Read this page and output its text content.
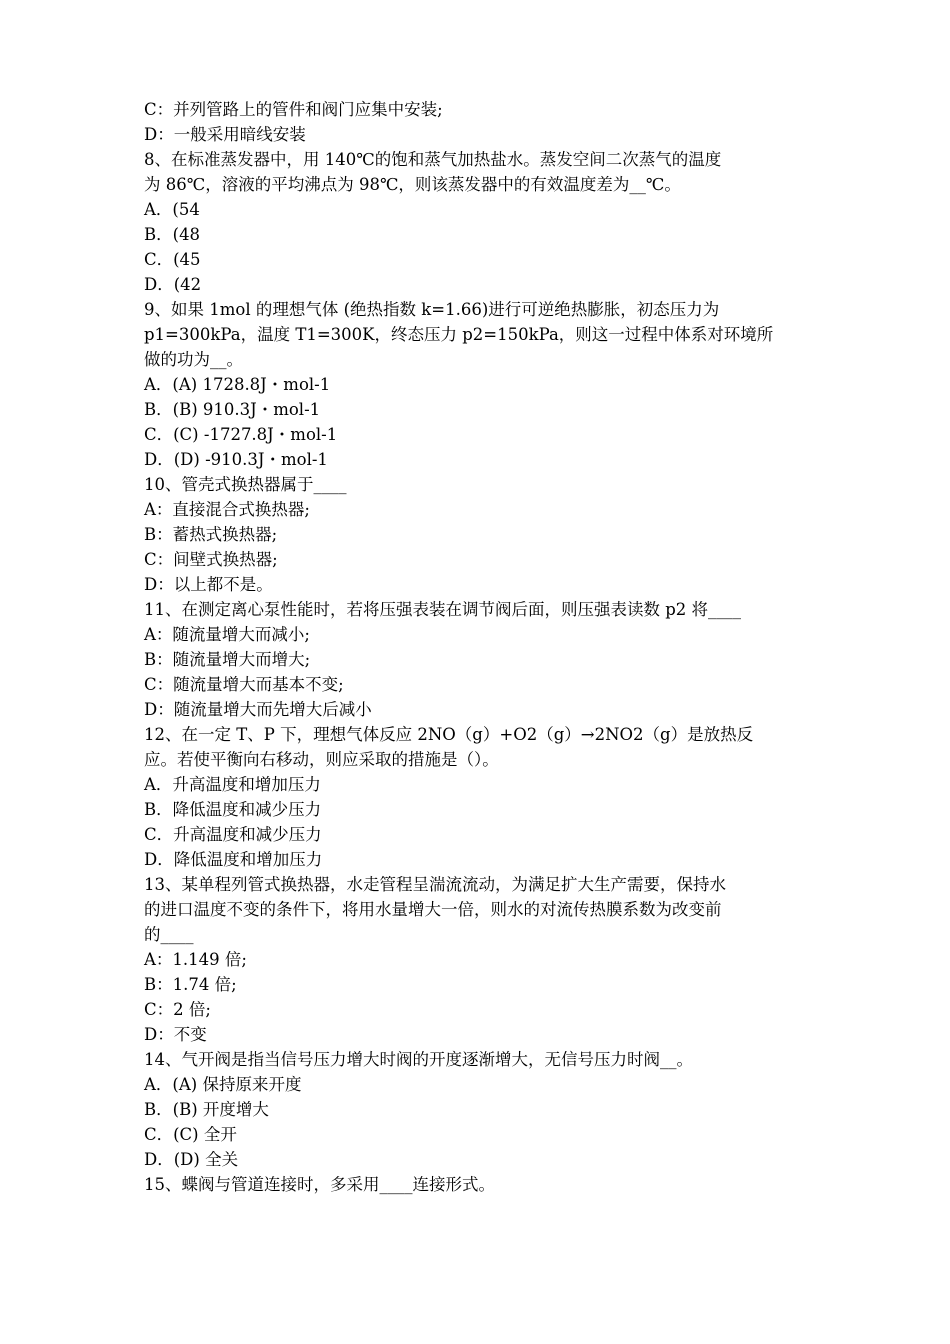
C：并列管路上的管件和阀门应集中安装;
D：一般采用暗线安装
8、在标准蒸发器中，用 140℃的饱和蒸气加热盐水。蒸发空间二次蒸气的温度
为 86℃，溶液的平均沸点为 98℃，则该蒸发器中的有效温度差为__℃。
A．(54
B．(48
C．(45
D．(42
9、如果 1mol 的理想气体 (绝热指数 k=1.66)进行可逆绝热膨胀，初态压力为
p1=300kPa，温度 T1=300K，终态压力 p2=150kPa，则这一过程中体系对环境所
做的功为__。
A．(A) 1728.8J・mol-1
B．(B) 910.3J・mol-1
C．(C) -1727.8J・mol-1
D．(D) -910.3J・mol-1
10、管壳式换热器属于____
A：直接混合式换热器;
B：蓄热式换热器;
C：间壁式换热器;
D：以上都不是。
11、在测定离心泵性能时，若将压强表装在调节阀后面，则压强表读数 p2 将____
A：随流量增大而减小;
B：随流量增大而增大;
C：随流量增大而基本不变;
D：随流量增大而先增大后减小
12、在一定 T、P 下，理想气体反应 2NO（g）+O2（g）→2NO2（g）是放热反
应。若使平衡向右移动，则应采取的措施是（）。
A．升高温度和增加压力
B．降低温度和减少压力
C．升高温度和减少压力
D．降低温度和增加压力
13、某单程列管式换热器，水走管程呈湍流流动，为满足扩大生产需要，保持水
的进口温度不变的条件下，将用水量增大一倍，则水的对流传热膜系数为改变前
的____
A：1.149 倍;
B：1.74 倍;
C：2 倍;
D：不变
14、气开阀是指当信号压力增大时阀的开度逐渐增大，无信号压力时阀__。
A．(A) 保持原来开度
B．(B) 开度增大
C．(C) 全开
D．(D) 全关
15、蝶阀与管道连接时，多采用____连接形式。
